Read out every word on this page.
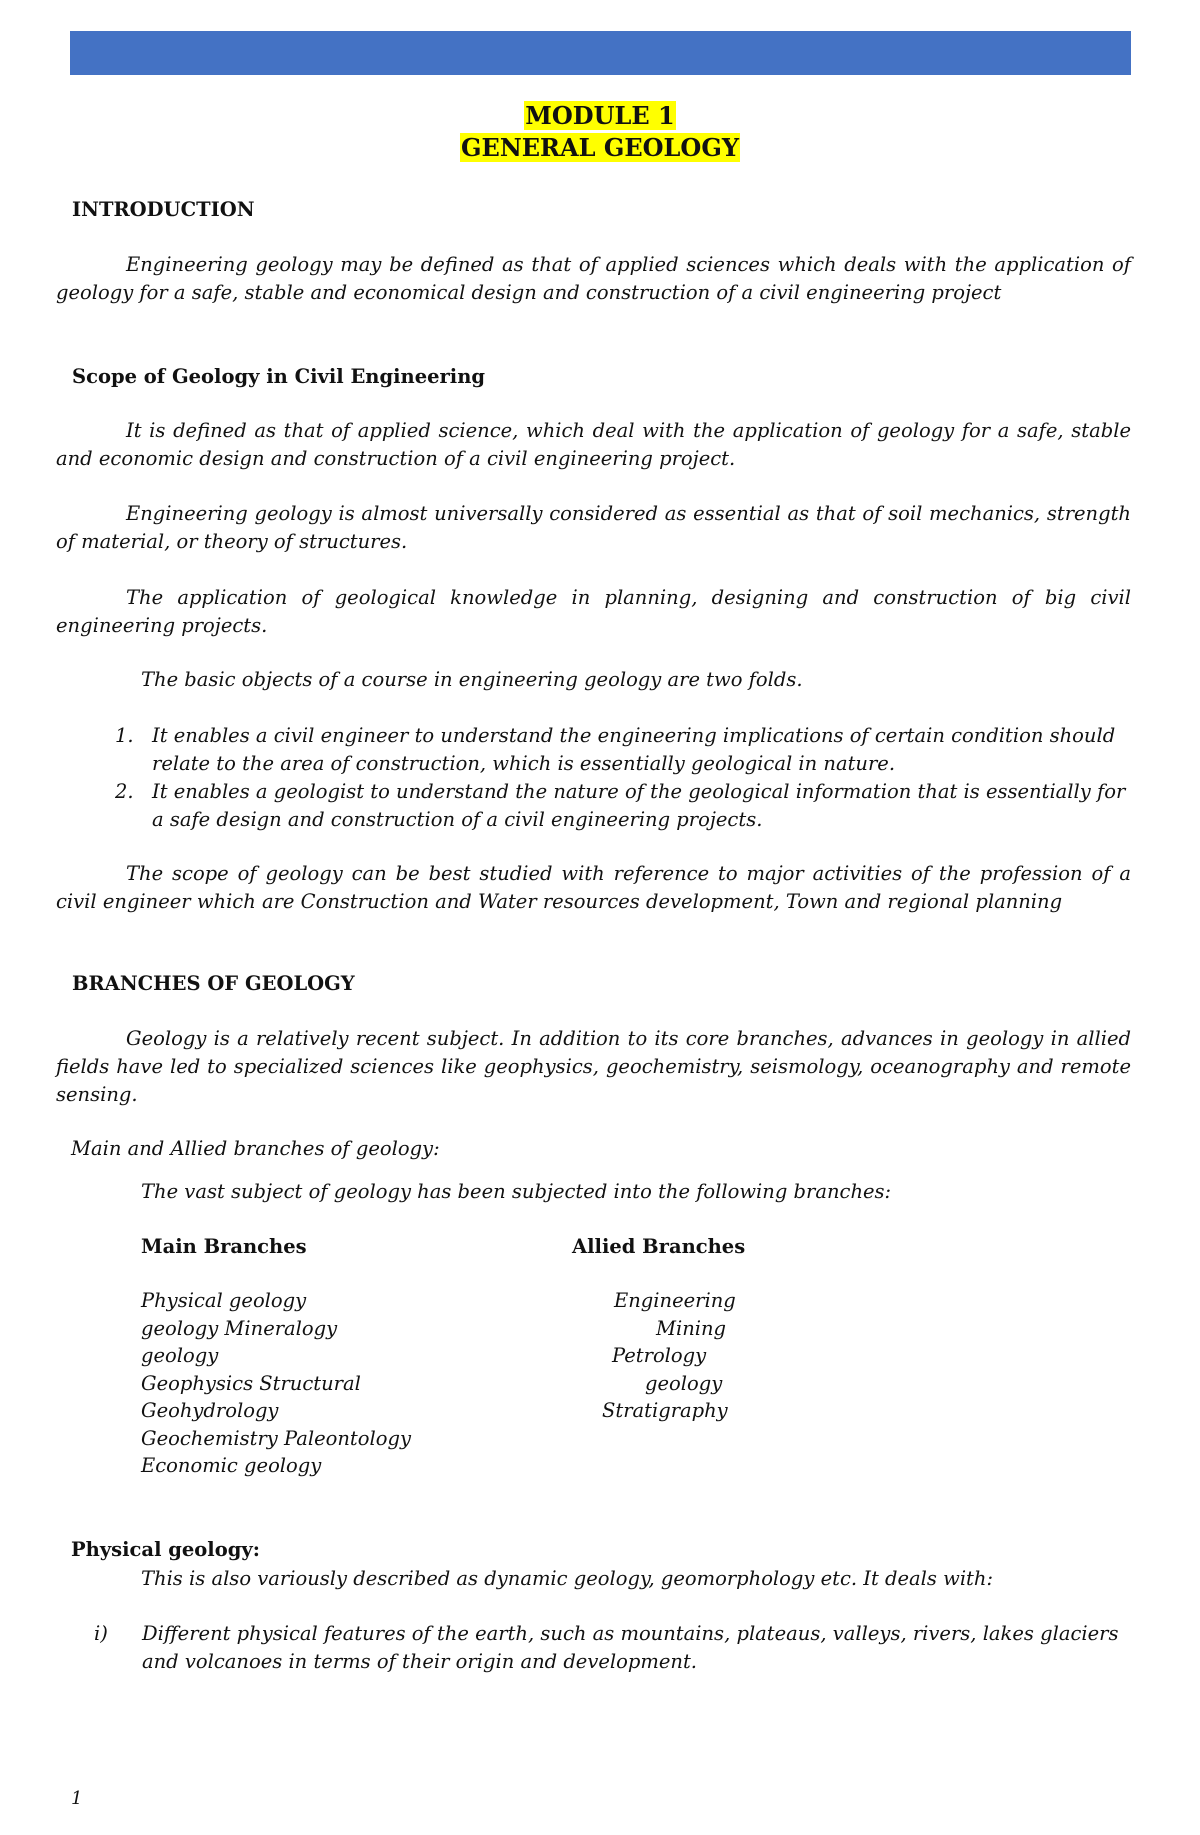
MODULE 1
GENERAL GEOLOGY
INTRODUCTION

Engineering geology may be defined as that of applied sciences which deals with the application of geology for a safe, stable and economical design and construction of a civil engineering project

Scope of Geology in Civil Engineering

It is defined as that of applied science, which deal with the application of geology for a safe, stable and economic design and construction of a civil engineering project.

Engineering geology is almost universally considered as essential as that of soil mechanics, strength of material, or theory of structures.

The application of geological knowledge in planning, designing and construction of big civil engineering projects.

The basic objects of a course in engineering geology are two folds.

1. It enables a civil engineer to understand the engineering implications of certain condition should relate to the area of construction, which is essentially geological in nature.
2. It enables a geologist to understand the nature of the geological information that is essentially for a safe design and construction of a civil engineering projects.

The scope of geology can be best studied with reference to major activities of the profession of a civil engineer which are Construction and Water resources development, Town and regional planning

BRANCHES OF GEOLOGY

Geology is a relatively recent subject. In addition to its core branches, advances in geology in allied fields have led to specialized sciences like geophysics, geochemistry, seismology, oceanography and remote sensing.

Main and Allied branches of geology:

The vast subject of geology has been subjected into the following branches:

Main Branches	Allied Branches
Physical geology
geology Mineralogy
geology
Geophysics Structural
Geohydrology
Geochemistry Paleontology
Economic geology
Engineering
Mining
Petrology
geology
Stratigraphy
Physical geology:

This is also variously described as dynamic geology, geomorphology etc. It deals with:

i)	Different physical features of the earth, such as mountains, plateaus, valleys, rivers, lakes glaciers and volcanoes in terms of their origin and development.
1
